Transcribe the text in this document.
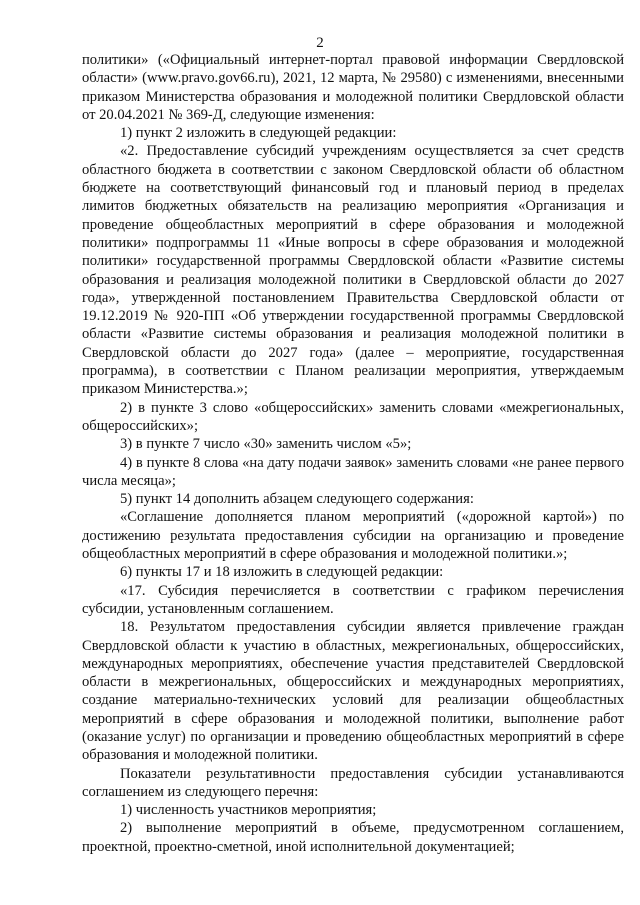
2

политики» («Официальный интернет-портал правовой информации Свердловской области» (www.pravo.gov66.ru), 2021, 12 марта, № 29580) с изменениями, внесенными приказом Министерства образования и молодежной политики Свердловской области от 20.04.2021 № 369-Д, следующие изменения:

1) пункт 2 изложить в следующей редакции:

«2. Предоставление субсидий учреждениям осуществляется за счет средств областного бюджета в соответствии с законом Свердловской области об областном бюджете на соответствующий финансовый год и плановый период в пределах лимитов бюджетных обязательств на реализацию мероприятия «Организация и проведение общеобластных мероприятий в сфере образования и молодежной политики» подпрограммы 11 «Иные вопросы в сфере образования и молодежной политики» государственной программы Свердловской области «Развитие системы образования и реализация молодежной политики в Свердловской области до 2027 года», утвержденной постановлением Правительства Свердловской области от 19.12.2019 № 920-ПП «Об утверждении государственной программы Свердловской области «Развитие системы образования и реализация молодежной политики в Свердловской области до 2027 года» (далее – мероприятие, государственная программа), в соответствии с Планом реализации мероприятия, утверждаемым приказом Министерства.»;

2) в пункте 3 слово «общероссийских» заменить словами «межрегиональных, общероссийских»;

3) в пункте 7 число «30» заменить числом «5»;

4) в пункте 8 слова «на дату подачи заявок» заменить словами «не ранее первого числа месяца»;

5) пункт 14 дополнить абзацем следующего содержания:

«Соглашение дополняется планом мероприятий («дорожной картой») по достижению результата предоставления субсидии на организацию и проведение общеобластных мероприятий в сфере образования и молодежной политики.»;

6) пункты 17 и 18 изложить в следующей редакции:

«17. Субсидия перечисляется в соответствии с графиком перечисления субсидии, установленным соглашением.

18. Результатом предоставления субсидии является привлечение граждан Свердловской области к участию в областных, межрегиональных, общероссийских, международных мероприятиях, обеспечение участия представителей Свердловской области в межрегиональных, общероссийских и международных мероприятиях, создание материально-технических условий для реализации общеобластных мероприятий в сфере образования и молодежной политики, выполнение работ (оказание услуг) по организации и проведению общеобластных мероприятий в сфере образования и молодежной политики.

Показатели результативности предоставления субсидии устанавливаются соглашением из следующего перечня:

1) численность участников мероприятия;

2) выполнение мероприятий в объеме, предусмотренном соглашением, проектной, проектно-сметной, иной исполнительной документацией;
